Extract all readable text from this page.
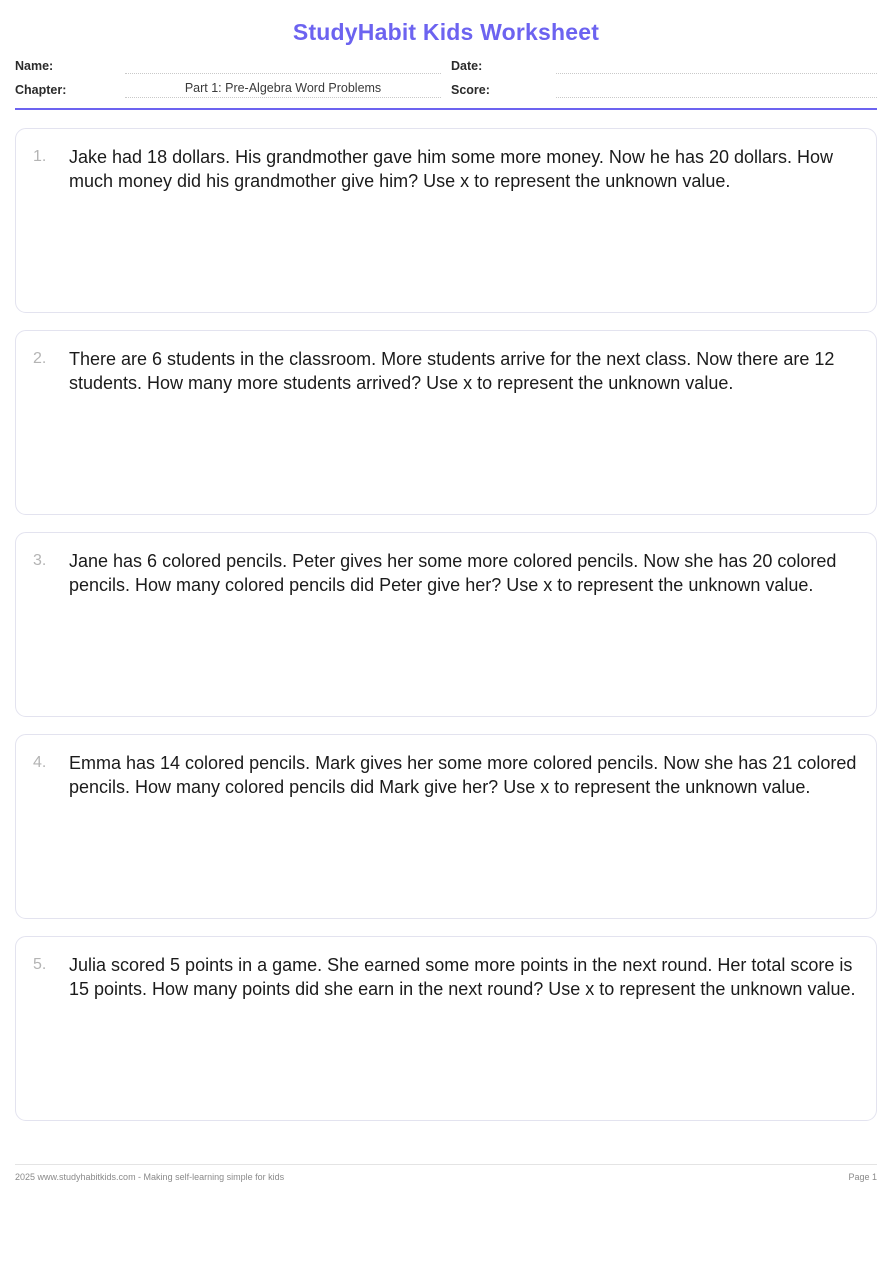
StudyHabit Kids Worksheet
Name:
Chapter:	Part 1: Pre-Algebra Word Problems
Date:
Score:
1.	Jake had 18 dollars. His grandmother gave him some more money. Now he has 20 dollars. How much money did his grandmother give him? Use x to represent the unknown value.
2.	There are 6 students in the classroom. More students arrive for the next class. Now there are 12 students. How many more students arrived? Use x to represent the unknown value.
3.	Jane has 6 colored pencils. Peter gives her some more colored pencils. Now she has 20 colored pencils. How many colored pencils did Peter give her? Use x to represent the unknown value.
4.	Emma has 14 colored pencils. Mark gives her some more colored pencils. Now she has 21 colored pencils. How many colored pencils did Mark give her? Use x to represent the unknown value.
5.	Julia scored 5 points in a game. She earned some more points in the next round. Her total score is 15 points. How many points did she earn in the next round? Use x to represent the unknown value.
2025 www.studyhabitkids.com - Making self-learning simple for kids	Page 1
